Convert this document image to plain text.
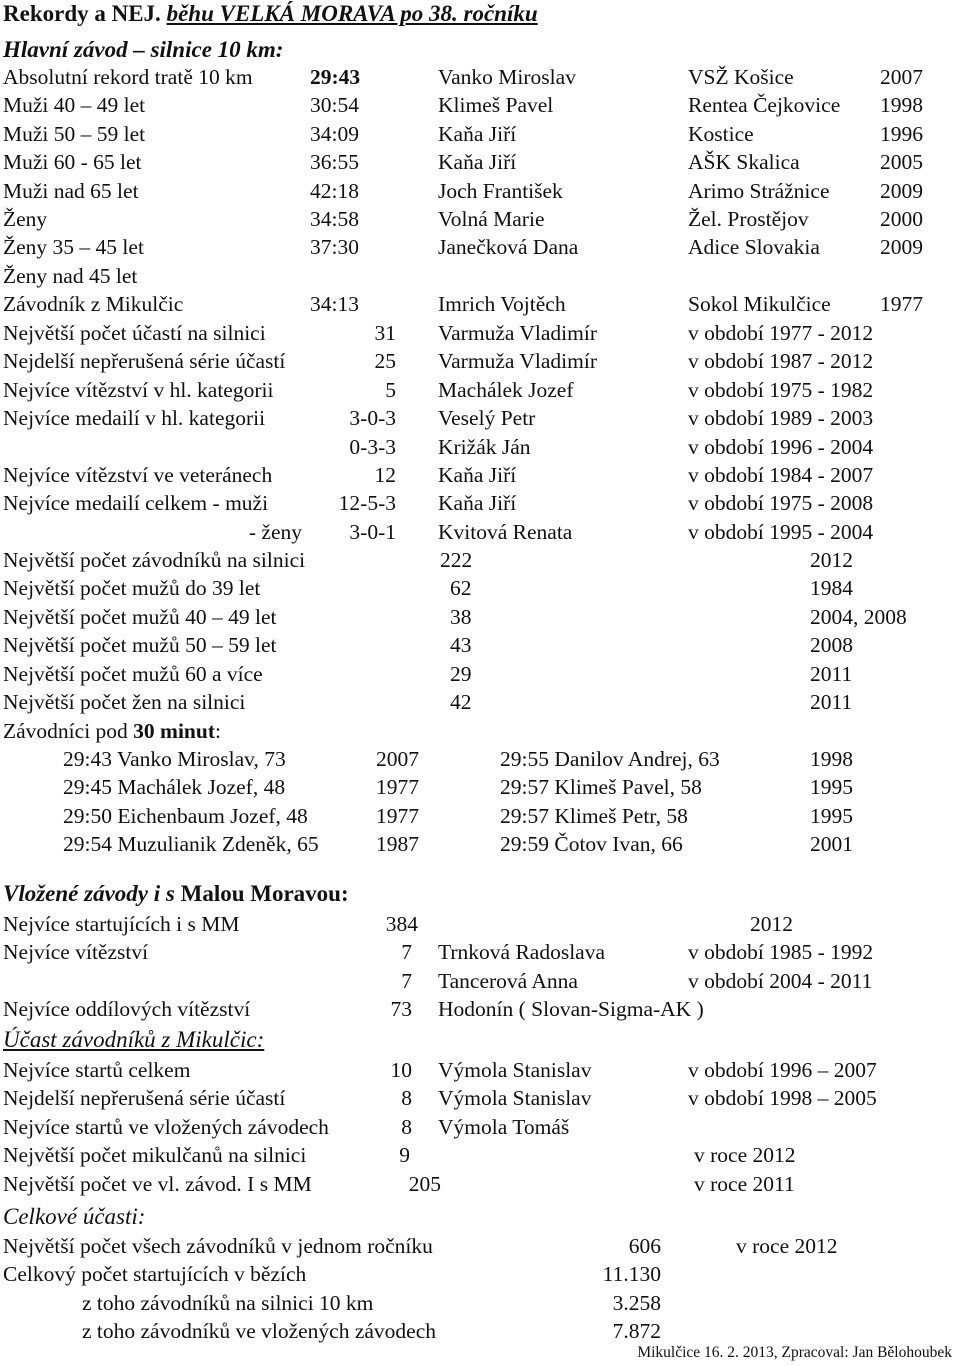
Rekordy a NEJ. běhu VELKÁ MORAVA po 38. ročníku
Hlavní závod – silnice 10 km:
Absolutní rekord tratě 10 km	29:43	Vanko Miroslav	VSŽ Košice	2007
Muži 40 – 49 let	30:54	Klimeš Pavel	Rentea Čejkovice	1998
Muži 50 – 59 let	34:09	Kaňa Jiří	Kostice	1996
Muži 60 - 65 let	36:55	Kaňa Jiří	AŠK Skalica	2005
Muži nad 65 let	42:18	Joch František	Arimo Strážnice	2009
Ženy	34:58	Volná Marie	Žel. Prostějov	2000
Ženy 35 – 45 let	37:30	Janečková Dana	Adice Slovakia	2009
Ženy nad 45 let
Závodník z Mikulčic	34:13	Imrich Vojtěch	Sokol Mikulčice	1977
Největší počet účastí na silnici	31 Varmuža Vladimír	v období 1977 - 2012
Nejdelší nepřerušená série účastí	25 Varmuža Vladimír	v období 1987 - 2012
Nejvíce vítězství v hl. kategorii	5 Machálek Jozef	v období 1975 - 1982
Nejvíce medailí v hl. kategorii	3-0-3 Veselý Petr	v období 1989 - 2003
0-3-3 Križák Ján	v období 1996 - 2004
Nejvíce vítězství ve veteránech	12 Kaňa Jiří	v období 1984 - 2007
Nejvíce medailí celkem - muži	12-5-3 Kaňa Jiří	v období 1975 - 2008
- ženy	3-0-1 Kvitová Renata	v období 1995 - 2004
Největší počet závodníků na silnici	222	2012
Největší počet mužů do 39 let	62	1984
Největší počet mužů 40 – 49 let	38	2004, 2008
Největší počet mužů 50 – 59 let	43	2008
Největší počet mužů 60 a více	29	2011
Největší počet žen na silnici	42	2011
Závodníci pod 30 minut:
29:43 Vanko Miroslav, 73	2007	29:55 Danilov Andrej, 63	1998
29:45 Machálek Jozef, 48	1977	29:57 Klimeš Pavel, 58	1995
29:50 Eichenbaum Jozef, 48	1977	29:57 Klimeš Petr, 58	1995
29:54 Muzulianik Zdeněk, 65	1987	29:59 Čotov Ivan, 66	2001
Vložené závody i s Malou Moravou:
Nejvíce startujících i s MM	384	2012
Nejvíce vítězství	7 Trnková Radoslava	v období 1985 - 1992
7 Tancerová Anna	v období 2004 - 2011
Nejvíce oddílových vítězství	73 Hodonín ( Slovan-Sigma-AK )
Účast závodníků z Mikulčic:
Nejvíce startů celkem	10 Výmola Stanislav	v období 1996 – 2007
Nejdelší nepřerušená série účastí	8 Výmola Stanislav	v období 1998 – 2005
Nejvíce startů ve vložených závodech	8 Výmola Tomáš
Největší počet mikulčanů na silnici	9	v roce 2012
Největší počet ve vl. závod. I s MM	205	v roce 2011
Celkové účasti:
Největší počet všech závodníků v jednom ročníku	606	v roce 2012
Celkový počet startujících v bězích	11.130
z toho závodníků na silnici 10 km	3.258
z toho závodníků ve vložených závodech	7.872
Mikulčice 16. 2. 2013, Zpracoval: Jan Bělohoubek
